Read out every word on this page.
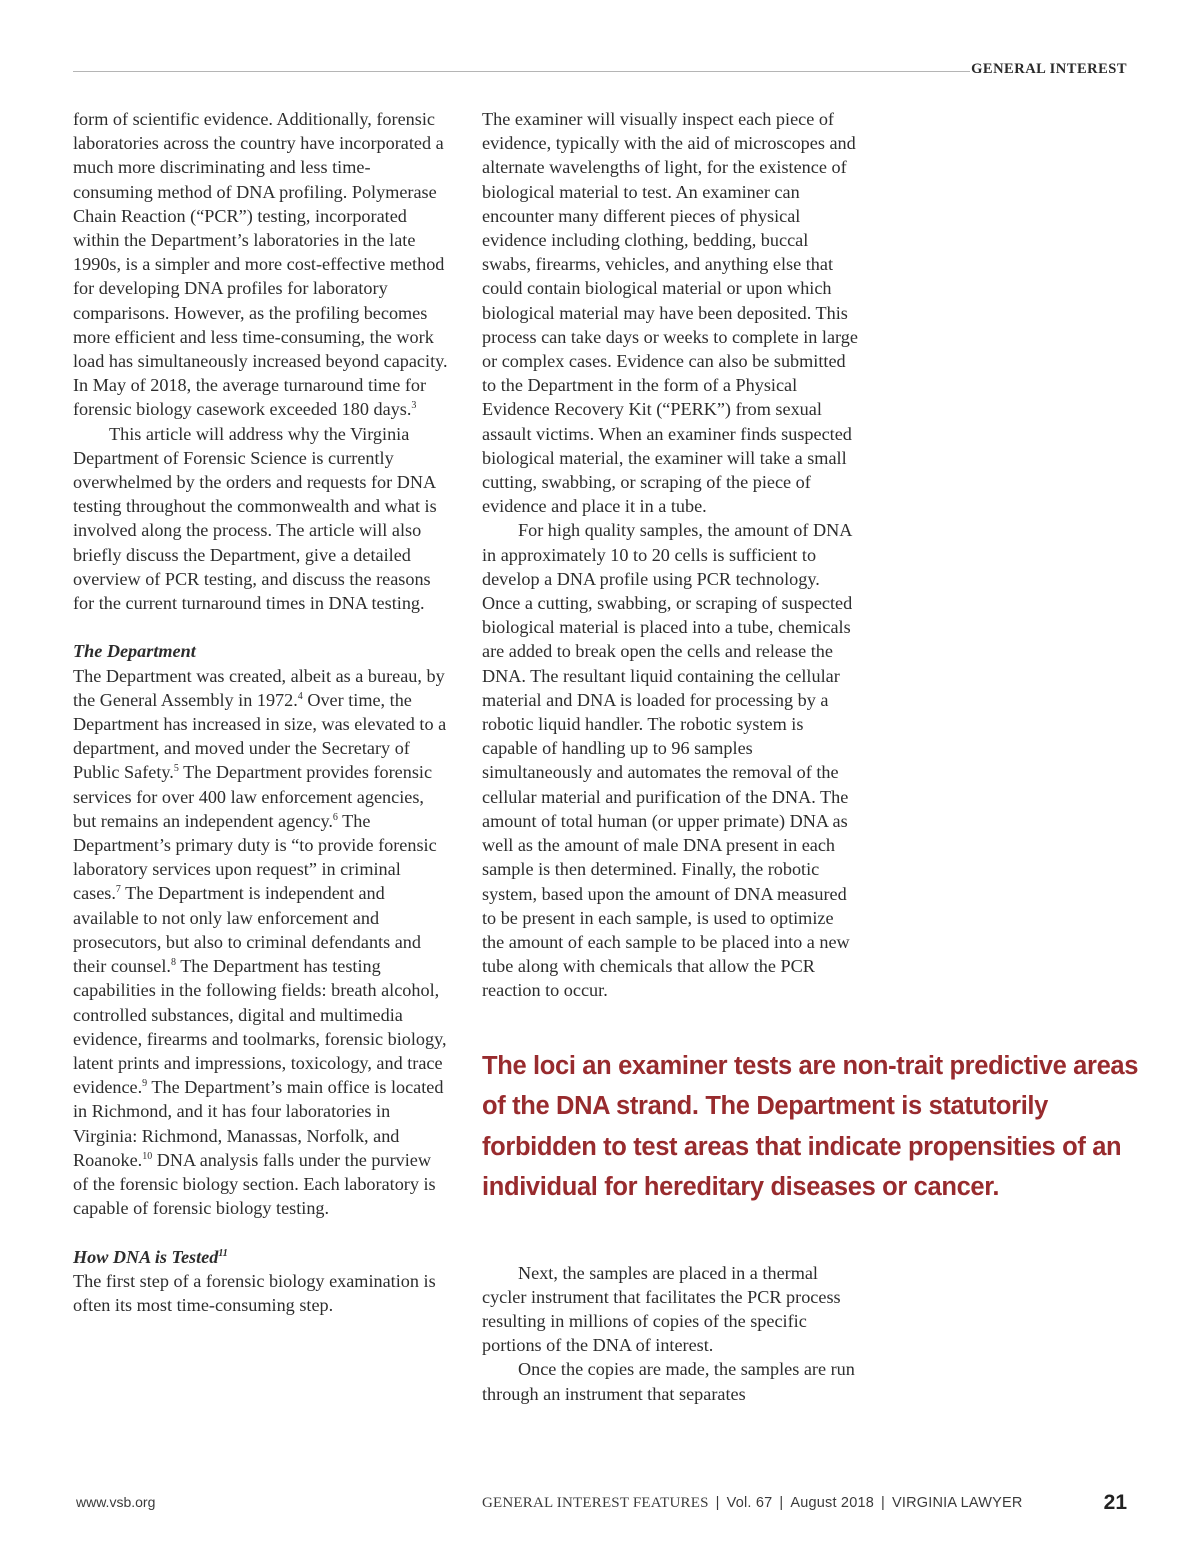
GENERAL INTEREST

form of scientific evidence. Additionally, forensic laboratories across the country have incorporated a much more discriminating and less time-consuming method of DNA profiling. Polymerase Chain Reaction (“PCR”) testing, incorporated within the Department’s laboratories in the late 1990s, is a simpler and more cost-effective method for developing DNA profiles for laboratory comparisons. However, as the profiling becomes more efficient and less time-consuming, the work load has simultaneously increased beyond capacity. In May of 2018, the average turnaround time for forensic biology casework exceeded 180 days.$^3$

This article will address why the Virginia Department of Forensic Science is currently overwhelmed by the orders and requests for DNA testing throughout the commonwealth and what is involved along the process. The article will also briefly discuss the Department, give a detailed overview of PCR testing, and discuss the reasons for the current turnaround times in DNA testing.

The Department

The Department was created, albeit as a bureau, by the General Assembly in 1972.$^4$ Over time, the Department has increased in size, was elevated to a department, and moved under the Secretary of Public Safety.$^5$ The Department provides forensic services for over 400 law enforcement agencies, but remains an independent agency.$^6$ The Department’s primary duty is “to provide forensic laboratory services upon request” in criminal cases.$^7$ The Department is independent and available to not only law enforcement and prosecutors, but also to criminal defendants and their counsel.$^8$ The Department has testing capabilities in the following fields: breath alcohol, controlled substances, digital and multimedia evidence, firearms and toolmarks, forensic biology, latent prints and impressions, toxicology, and trace evidence.$^9$ The Department’s main office is located in Richmond, and it has four laboratories in Virginia: Richmond, Manassas, Norfolk, and Roanoke.$^{10}$ DNA analysis falls under the purview of the forensic biology section. Each laboratory is capable of forensic biology testing.

How DNA is Tested$^{11}$

The first step of a forensic biology examination is often its most time-consuming step.

The examiner will visually inspect each piece of evidence, typically with the aid of microscopes and alternate wavelengths of light, for the existence of biological material to test. An examiner can encounter many different pieces of physical evidence including clothing, bedding, buccal swabs, firearms, vehicles, and anything else that could contain biological material or upon which biological material may have been deposited. This process can take days or weeks to complete in large or complex cases. Evidence can also be submitted to the Department in the form of a Physical Evidence Recovery Kit (“PERK”) from sexual assault victims. When an examiner finds suspected biological material, the examiner will take a small cutting, swabbing, or scraping of the piece of evidence and place it in a tube.

For high quality samples, the amount of DNA in approximately 10 to 20 cells is sufficient to develop a DNA profile using PCR technology. Once a cutting, swabbing, or scraping of suspected biological material is placed into a tube, chemicals are added to break open the cells and release the DNA. The resultant liquid containing the cellular material and DNA is loaded for processing by a robotic liquid handler. The robotic system is capable of handling up to 96 samples simultaneously and automates the removal of the cellular material and purification of the DNA. The amount of total human (or upper primate) DNA as well as the amount of male DNA present in each sample is then determined. Finally, the robotic system, based upon the amount of DNA measured to be present in each sample, is used to optimize the amount of each sample to be placed into a new tube along with chemicals that allow the PCR reaction to occur.

The loci an examiner tests are non-trait predictive areas of the DNA strand. The Department is statutorily forbidden to test areas that indicate propensities of an individual for hereditary diseases or cancer.

Next, the samples are placed in a thermal cycler instrument that facilitates the PCR process resulting in millions of copies of the specific portions of the DNA of interest.

Once the copies are made, the samples are run through an instrument that separates

www.vsb.org	GENERAL INTEREST FEATURES | Vol. 67 | August 2018 | VIRGINIA LAWYER	21
